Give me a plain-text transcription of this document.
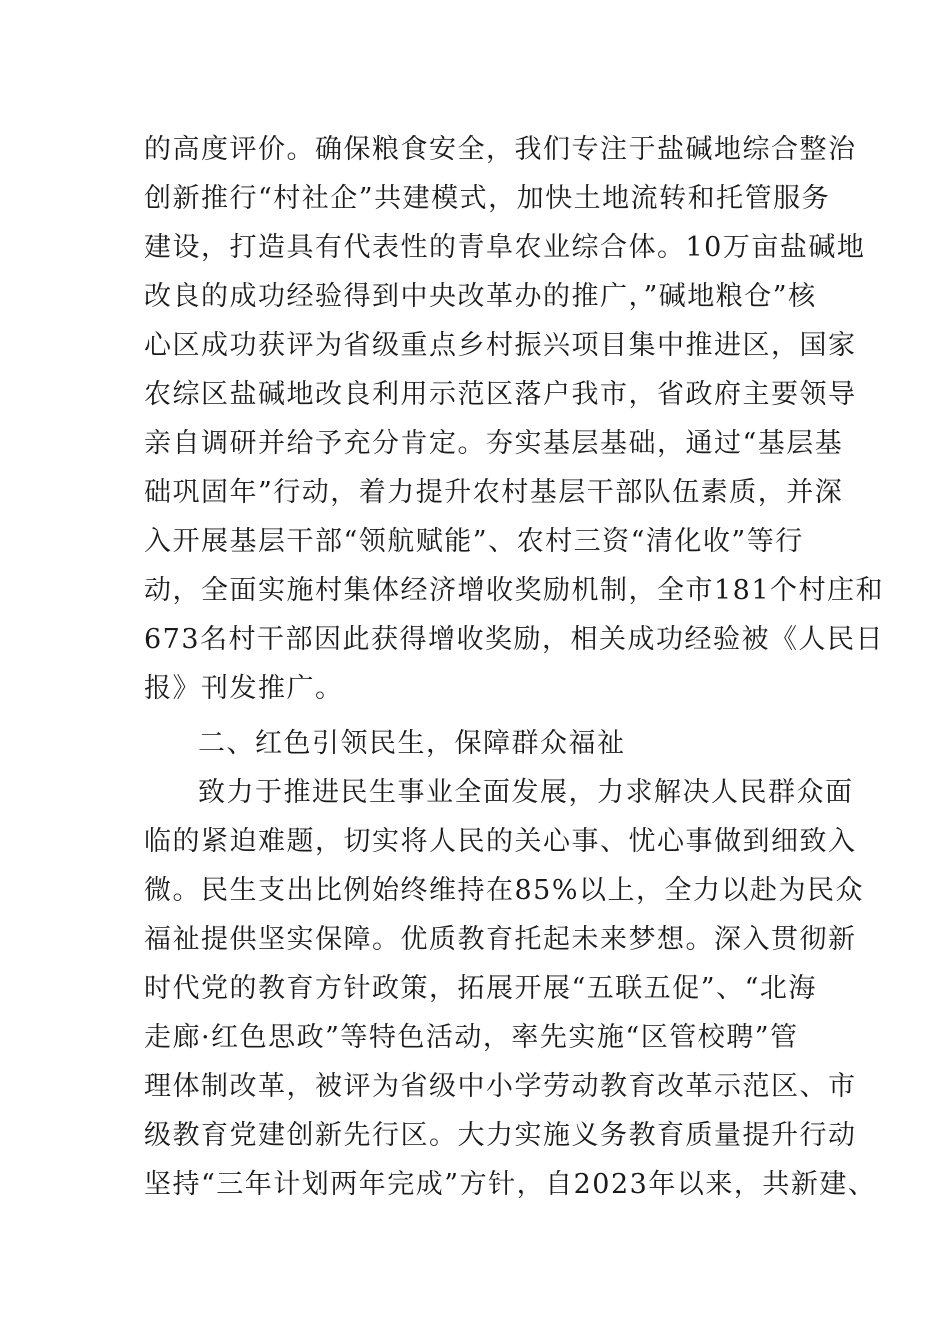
的高度评价。确保粮食安全，我们专注于盐碱地综合整治
创新推行“村社企”共建模式，加快土地流转和托管服务
建设，打造具有代表性的青阜农业综合体。10万亩盐碱地
改良的成功经验得到中央改革办的推广，”碱地粮仓”核
心区成功获评为省级重点乡村振兴项目集中推进区，国家
农综区盐碱地改良利用示范区落户我市，省政府主要领导
亲自调研并给予充分肯定。夯实基层基础，通过“基层基
础巩固年”行动，着力提升农村基层干部队伍素质，并深
入开展基层干部“领航赋能”、农村三资“清化收”等行
动，全面实施村集体经济增收奖励机制，全市181个村庄和
673名村干部因此获得增收奖励，相关成功经验被《人民日
报》刊发推广。
二、红色引领民生，保障群众福祉
致力于推进民生事业全面发展，力求解决人民群众面
临的紧迫难题，切实将人民的关心事、忧心事做到细致入
微。民生支出比例始终维持在85%以上，全力以赴为民众
福祉提供坚实保障。优质教育托起未来梦想。深入贯彻新
时代党的教育方针政策，拓展开展“五联五促”、“北海
走廊·红色思政”等特色活动，率先实施“区管校聘”管
理体制改革，被评为省级中小学劳动教育改革示范区、市
级教育党建创新先行区。大力实施义务教育质量提升行动
坚持“三年计划两年完成”方针，自2023年以来，共新建、
